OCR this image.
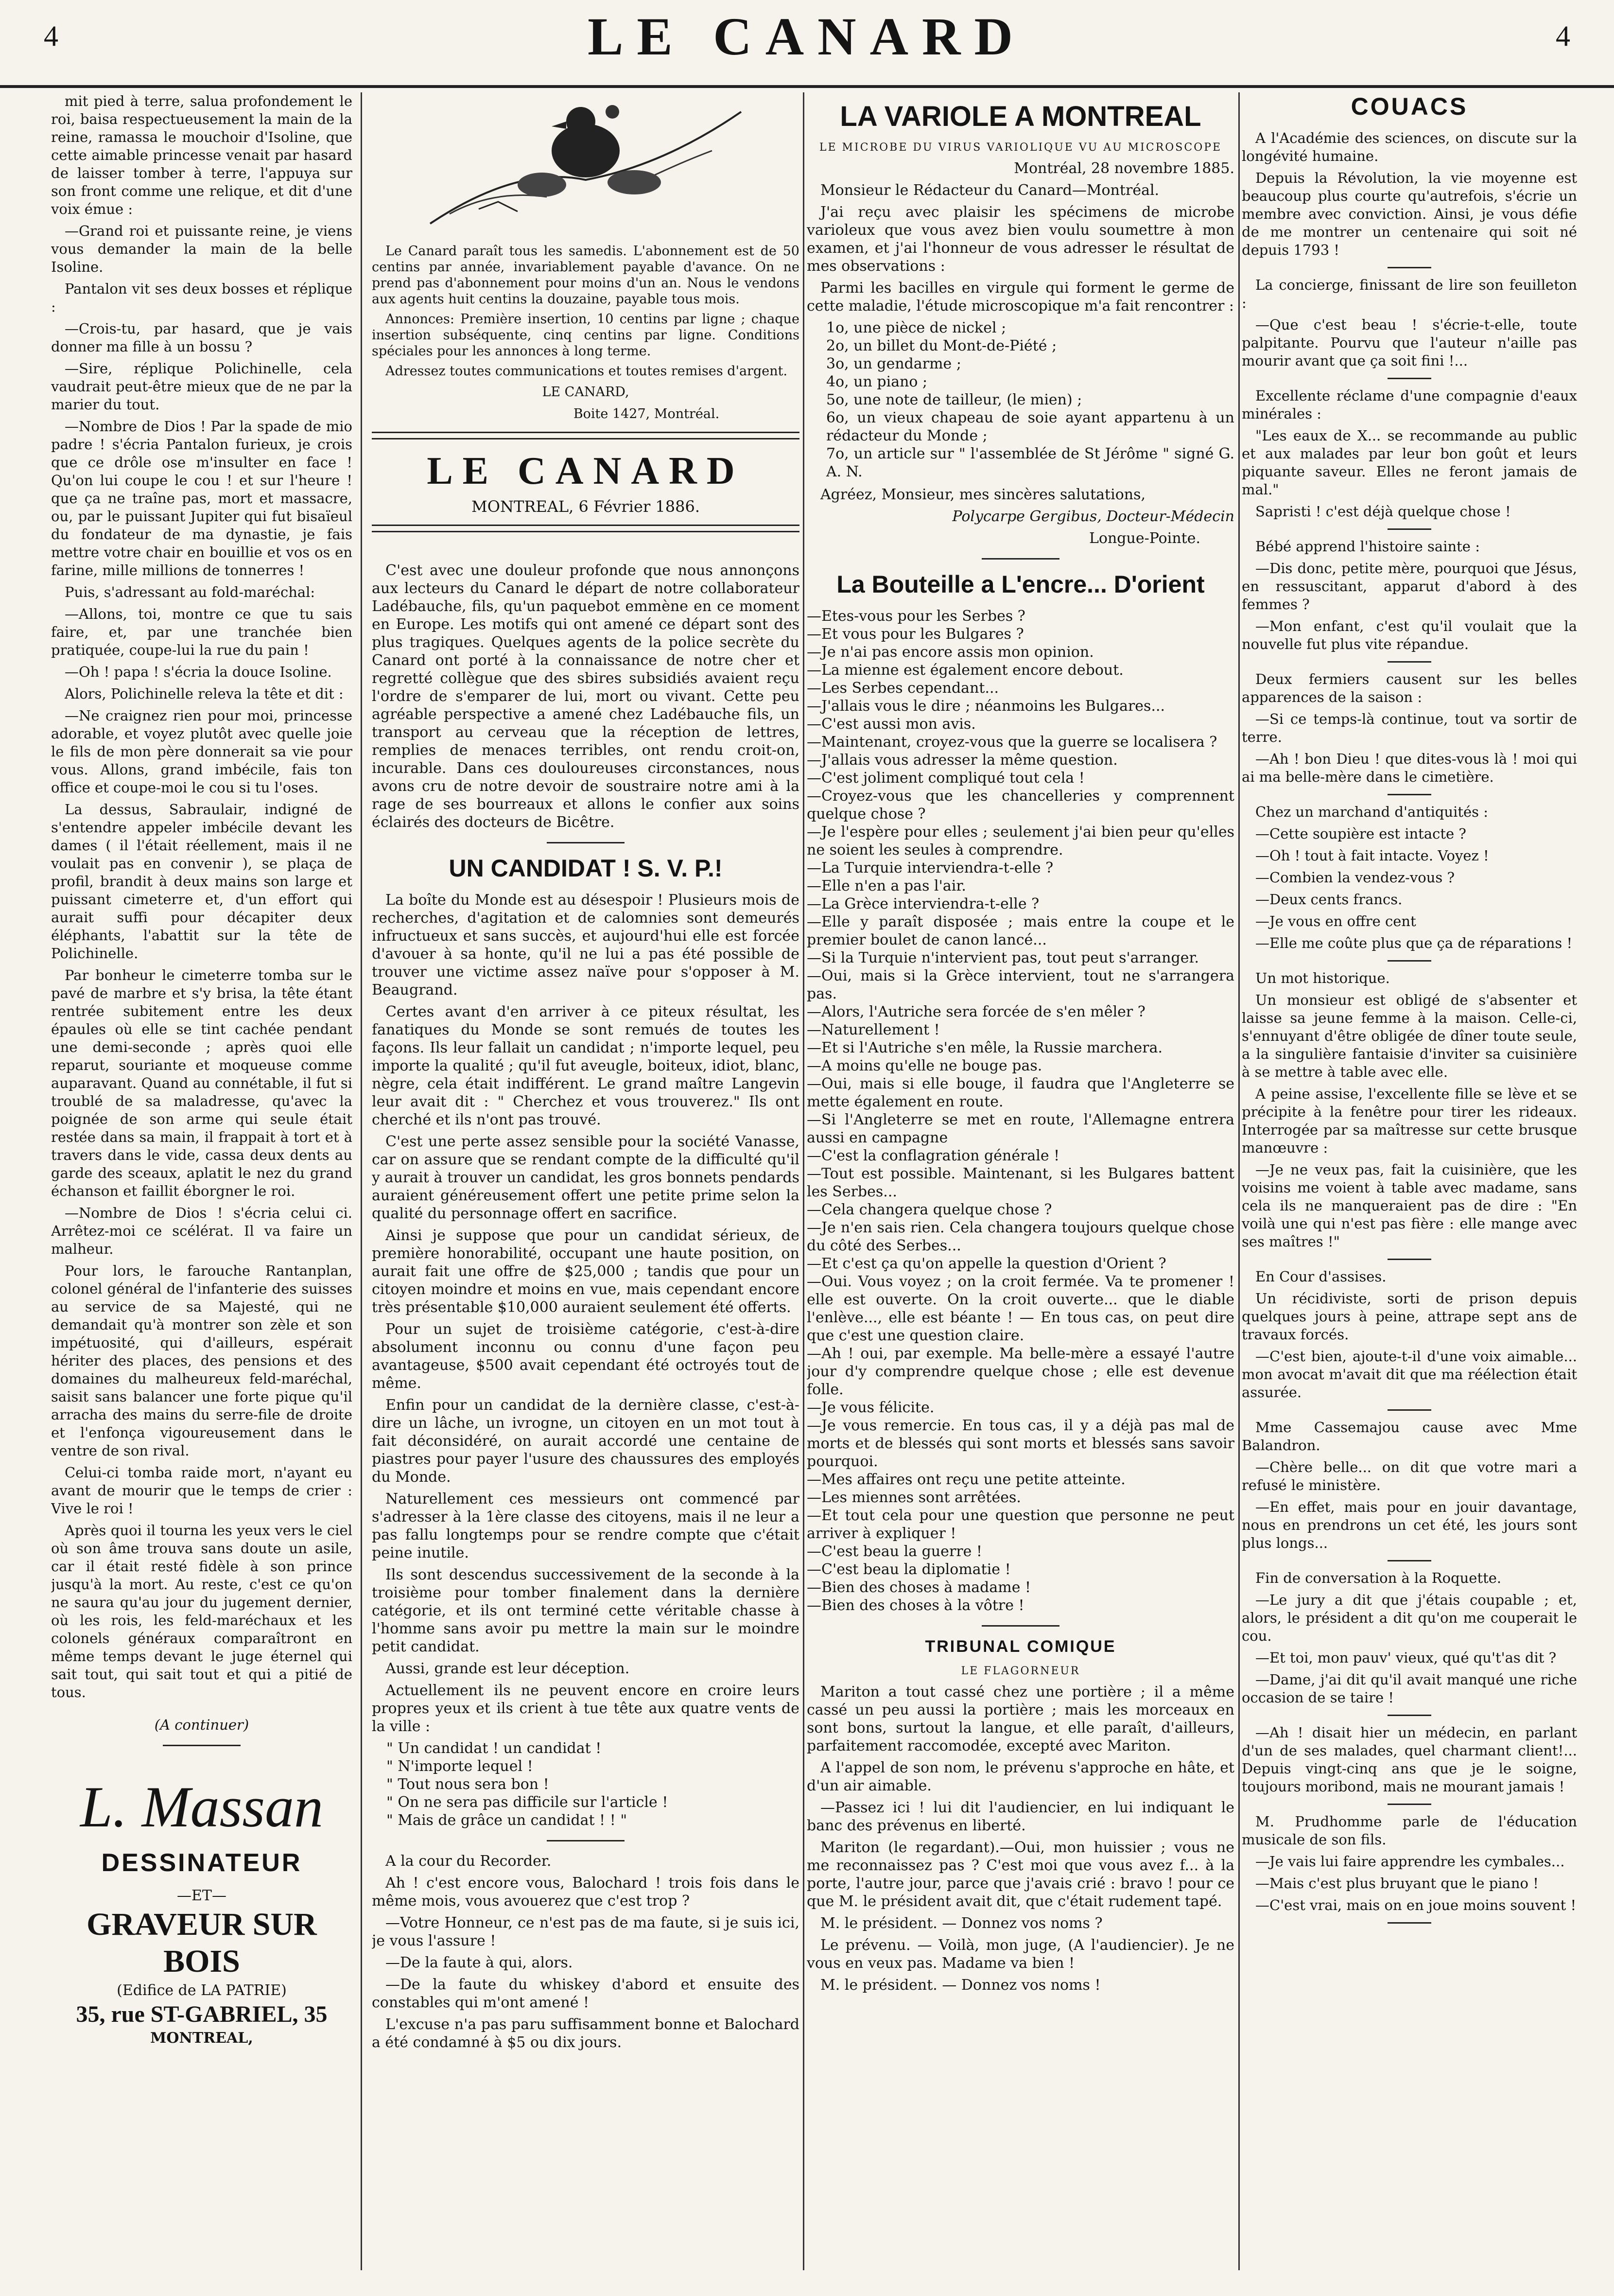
4	LE CANARD	4

mit pied à terre, salua profondement le roi, baisa respectueusement la main de la reine, ramassa le mouchoir d'Isoline, que cette aimable princesse venait par hasard de laisser tomber à terre, l'appuya sur son front comme une relique, et dit d'une voix émue :

—Grand roi et puissante reine, je viens vous demander la main de la belle Isoline.

Pantalon vit ses deux bosses et réplique :

—Crois-tu, par hasard, que je vais donner ma fille à un bossu ?

—Sire, réplique Polichinelle, cela vaudrait peut-être mieux que de ne par la marier du tout.

—Nombre de Dios ! Par la spade de mio padre ! s'écria Pantalon furieux, je crois que ce drôle ose m'insulter en face ! Qu'on lui coupe le cou ! et sur l'heure ! que ça ne traîne pas, mort et massacre, ou, par le puissant Jupiter qui fut bisaïeul du fondateur de ma dynastie, je fais mettre votre chair en bouillie et vos os en farine, mille millions de tonnerres !

Puis, s'adressant au fold-maréchal:

—Allons, toi, montre ce que tu sais faire, et, par une tranchée bien pratiquée, coupe-lui la rue du pain !

—Oh ! papa ! s'écria la douce Isoline.

Alors, Polichinelle releva la tête et dit :

—Ne craignez rien pour moi, princesse adorable, et voyez plutôt avec quelle joie le fils de mon père donnerait sa vie pour vous. Allons, grand imbécile, fais ton office et coupe-moi le cou si tu l'oses.

La dessus, Sabraulair, indigné de s'entendre appeler imbécile devant les dames ( il l'était réellement, mais il ne voulait pas en convenir ), se plaça de profil, brandit à deux mains son large et puissant cimeterre et, d'un effort qui aurait suffi pour décapiter deux éléphants, l'abattit sur la tête de Polichinelle.

Par bonheur le cimeterre tomba sur le pavé de marbre et s'y brisa, la tête étant rentrée subitement entre les deux épaules où elle se tint cachée pendant une demi-seconde ; après quoi elle reparut, souriante et moqueuse comme auparavant. Quand au connétable, il fut si troublé de sa maladresse, qu'avec la poignée de son arme qui seule était restée dans sa main, il frappait à tort et à travers dans le vide, cassa deux dents au garde des sceaux, aplatit le nez du grand échanson et faillit éborgner le roi.

—Nombre de Dios ! s'écria celui ci. Arrêtez-moi ce scélérat. Il va faire un malheur.

Pour lors, le farouche Rantanplan, colonel général de l'infanterie des suisses au service de sa Majesté, qui ne demandait qu'à montrer son zèle et son impétuosité, qui d'ailleurs, espérait hériter des places, des pensions et des domaines du malheureux feld-maréchal, saisit sans balancer une forte pique qu'il arracha des mains du serre-file de droite et l'enfonça vigoureusement dans le ventre de son rival.

Celui-ci tomba raide mort, n'ayant eu avant de mourir que le temps de crier : Vive le roi !

Après quoi il tourna les yeux vers le ciel où son âme trouva sans doute un asile, car il était resté fidèle à son prince jusqu'à la mort. Au reste, c'est ce qu'on ne saura qu'au jour du jugement dernier, où les rois, les feld-maréchaux et les colonels généraux comparaîtront en même temps devant le juge éternel qui sait tout, qui sait tout et qui a pitié de tous.

(A continuer)

L. Massan
DESSINATEUR
—ET—
GRAVEUR SUR BOIS
(Edifice de LA PATRIE)
35, rue ST-GABRIEL, 35
MONTREAL,

Le Canard paraît tous les samedis. L'abonnement est de 50 centins par année, invariablement payable d'avance. On ne prend pas d'abonnement pour moins d'un an. Nous le vendons aux agents huit centins la douzaine, payable tous mois.

Annonces: Première insertion, 10 centins par ligne ; chaque insertion subséquente, cinq centins par ligne. Conditions spéciales pour les annonces à long terme.

Adressez toutes communications et toutes remises d'argent.

LE CANARD,

Boite 1427, Montréal.

LE CANARD
MONTREAL, 6 Février 1886.

C'est avec une douleur profonde que nous annonçons aux lecteurs du Canard le départ de notre collaborateur Ladébauche, fils, qu'un paquebot emmène en ce moment en Europe. Les motifs qui ont amené ce départ sont des plus tragiques. Quelques agents de la police secrète du Canard ont porté à la connaissance de notre cher et regretté collègue que des sbires subsidiés avaient reçu l'ordre de s'emparer de lui, mort ou vivant. Cette peu agréable perspective a amené chez Ladébauche fils, un transport au cerveau que la réception de lettres, remplies de menaces terribles, ont rendu croit-on, incurable. Dans ces douloureuses circonstances, nous avons cru de notre devoir de soustraire notre ami à la rage de ses bourreaux et allons le confier aux soins éclairés des docteurs de Bicêtre.

UN CANDIDAT ! S. V. P.!

La boîte du Monde est au désespoir ! Plusieurs mois de recherches, d'agitation et de calomnies sont demeurés infructueux et sans succès, et aujourd'hui elle est forcée d'avouer à sa honte, qu'il ne lui a pas été possible de trouver une victime assez naïve pour s'opposer à M. Beaugrand.

Certes avant d'en arriver à ce piteux résultat, les fanatiques du Monde se sont remués de toutes les façons. Ils leur fallait un candidat ; n'importe lequel, peu importe la qualité ; qu'il fut aveugle, boiteux, idiot, blanc, nègre, cela était indifférent. Le grand maître Langevin leur avait dit : " Cherchez et vous trouverez." Ils ont cherché et ils n'ont pas trouvé.

C'est une perte assez sensible pour la société Vanasse, car on assure que se rendant compte de la difficulté qu'il y aurait à trouver un candidat, les gros bonnets pendards auraient généreusement offert une petite prime selon la qualité du personnage offert en sacrifice.

Ainsi je suppose que pour un candidat sérieux, de première honorabilité, occupant une haute position, on aurait fait une offre de $25,000 ; tandis que pour un citoyen moindre et moins en vue, mais cependant encore très présentable $10,000 auraient seulement été offerts.

Pour un sujet de troisième catégorie, c'est-à-dire absolument inconnu ou connu d'une façon peu avantageuse, $500 avait cependant été octroyés tout de même.

Enfin pour un candidat de la dernière classe, c'est-à-dire un lâche, un ivrogne, un citoyen en un mot tout à fait déconsidéré, on aurait accordé une centaine de piastres pour payer l'usure des chaussures des employés du Monde.

Naturellement ces messieurs ont commencé par s'adresser à la 1ère classe des citoyens, mais il ne leur a pas fallu longtemps pour se rendre compte que c'était peine inutile.

Ils sont descendus successivement de la seconde à la troisième pour tomber finalement dans la dernière catégorie, et ils ont terminé cette véritable chasse à l'homme sans avoir pu mettre la main sur le moindre petit candidat.

Aussi, grande est leur déception.

Actuellement ils ne peuvent encore en croire leurs propres yeux et ils crient à tue tête aux quatre vents de la ville :

" Un candidat ! un candidat !

" N'importe lequel !

" Tout nous sera bon !

" On ne sera pas difficile sur l'article !

" Mais de grâce un candidat ! ! "

A la cour du Recorder.

Ah ! c'est encore vous, Balochard ! trois fois dans le même mois, vous avouerez que c'est trop ?

—Votre Honneur, ce n'est pas de ma faute, si je suis ici, je vous l'assure !

—De la faute à qui, alors.

—De la faute du whiskey d'abord et ensuite des constables qui m'ont amené !

L'excuse n'a pas paru suffisamment bonne et Balochard a été condamné à $5 ou dix jours.

LA VARIOLE A MONTREAL
LE MICROBE DU VIRUS VARIOLIQUE VU AU MICROSCOPE

Montréal, 28 novembre 1885.

Monsieur le Rédacteur du Canard—Montréal.

J'ai reçu avec plaisir les spécimens de microbe varioleux que vous avez bien voulu soumettre à mon examen, et j'ai l'honneur de vous adresser le résultat de mes observations :

Parmi les bacilles en virgule qui forment le germe de cette maladie, l'étude microscopique m'a fait rencontrer :

1o, une pièce de nickel ;

2o, un billet du Mont-de-Piété ;

3o, un gendarme ;

4o, un piano ;

5o, une note de tailleur, (le mien) ;

6o, un vieux chapeau de soie ayant appartenu à un rédacteur du Monde ;

7o, un article sur " l'assemblée de St Jérôme " signé G. A. N.

Agréez, Monsieur, mes sincères salutations,

Polycarpe Gergibus, Docteur-Médecin

Longue-Pointe.

La Bouteille a L'encre... D'orient

—Etes-vous pour les Serbes ?

—Et vous pour les Bulgares ?

—Je n'ai pas encore assis mon opinion.

—La mienne est également encore debout.

—Les Serbes cependant...

—J'allais vous le dire ; néanmoins les Bulgares...

—C'est aussi mon avis.

—Maintenant, croyez-vous que la guerre se localisera ?

—J'allais vous adresser la même question.

—C'est joliment compliqué tout cela !

—Croyez-vous que les chancelleries y comprennent quelque chose ?

—Je l'espère pour elles ; seulement j'ai bien peur qu'elles ne soient les seules à comprendre.

—La Turquie interviendra-t-elle ?

—Elle n'en a pas l'air.

—La Grèce interviendra-t-elle ?

—Elle y paraît disposée ; mais entre la coupe et le premier boulet de canon lancé...

—Si la Turquie n'intervient pas, tout peut s'arranger.

—Oui, mais si la Grèce intervient, tout ne s'arrangera pas.

—Alors, l'Autriche sera forcée de s'en mêler ?

—Naturellement !

—Et si l'Autriche s'en mêle, la Russie marchera.

—A moins qu'elle ne bouge pas.

—Oui, mais si elle bouge, il faudra que l'Angleterre se mette également en route.

—Si l'Angleterre se met en route, l'Allemagne entrera aussi en campagne

—C'est la conflagration générale !

—Tout est possible. Maintenant, si les Bulgares battent les Serbes...

—Cela changera quelque chose ?

—Je n'en sais rien. Cela changera toujours quelque chose du côté des Serbes...

—Et c'est ça qu'on appelle la question d'Orient ?

—Oui. Vous voyez ; on la croit fermée. Va te promener ! elle est ouverte. On la croit ouverte... que le diable l'enlève..., elle est béante ! — En tous cas, on peut dire que c'est une question claire.

—Ah ! oui, par exemple. Ma belle-mère a essayé l'autre jour d'y comprendre quelque chose ; elle est devenue folle.

—Je vous félicite.

—Je vous remercie. En tous cas, il y a déjà pas mal de morts et de blessés qui sont morts et blessés sans savoir pourquoi.

—Mes affaires ont reçu une petite atteinte.

—Les miennes sont arrêtées.

—Et tout cela pour une question que personne ne peut arriver à expliquer !

—C'est beau la guerre !

—C'est beau la diplomatie !

—Bien des choses à madame !

—Bien des choses à la vôtre !

TRIBUNAL COMIQUE
LE FLAGORNEUR

Mariton a tout cassé chez une portière ; il a même cassé un peu aussi la portière ; mais les morceaux en sont bons, surtout la langue, et elle paraît, d'ailleurs, parfaitement raccomodée, excepté avec Mariton.

A l'appel de son nom, le prévenu s'approche en hâte, et d'un air aimable.

—Passez ici ! lui dit l'audiencier, en lui indiquant le banc des prévenus en liberté.

Mariton (le regardant).—Oui, mon huissier ; vous ne me reconnaissez pas ? C'est moi que vous avez f... à la porte, l'autre jour, parce que j'avais crié : bravo ! pour ce que M. le président avait dit, que c'était rudement tapé.

M. le président. — Donnez vos noms ?

Le prévenu. — Voilà, mon juge, (A l'audiencier). Je ne vous en veux pas. Madame va bien !

M. le président. — Donnez vos noms !

COUACS

A l'Académie des sciences, on discute sur la longévité humaine.

Depuis la Révolution, la vie moyenne est beaucoup plus courte qu'autrefois, s'écrie un membre avec conviction. Ainsi, je vous défie de me montrer un centenaire qui soit né depuis 1793 !

La concierge, finissant de lire son feuilleton :

—Que c'est beau ! s'écrie-t-elle, toute palpitante. Pourvu que l'auteur n'aille pas mourir avant que ça soit fini !...

Excellente réclame d'une compagnie d'eaux minérales :

"Les eaux de X... se recommande au public et aux malades par leur bon goût et leurs piquante saveur. Elles ne feront jamais de mal."

Sapristi ! c'est déjà quelque chose !

Bébé apprend l'histoire sainte :

—Dis donc, petite mère, pourquoi que Jésus, en ressuscitant, apparut d'abord à des femmes ?

—Mon enfant, c'est qu'il voulait que la nouvelle fut plus vite répandue.

Deux fermiers causent sur les belles apparences de la saison :

—Si ce temps-là continue, tout va sortir de terre.

—Ah ! bon Dieu ! que dites-vous là ! moi qui ai ma belle-mère dans le cimetière.

Chez un marchand d'antiquités :

—Cette soupière est intacte ?

—Oh ! tout à fait intacte. Voyez !

—Combien la vendez-vous ?

—Deux cents francs.

—Je vous en offre cent

—Elle me coûte plus que ça de réparations !

Un mot historique.

Un monsieur est obligé de s'absenter et laisse sa jeune femme à la maison. Celle-ci, s'ennuyant d'être obligée de dîner toute seule, a la singulière fantaisie d'inviter sa cuisinière à se mettre à table avec elle.

A peine assise, l'excellente fille se lève et se précipite à la fenêtre pour tirer les rideaux. Interrogée par sa maîtresse sur cette brusque manœuvre :

—Je ne veux pas, fait la cuisinière, que les voisins me voient à table avec madame, sans cela ils ne manqueraient pas de dire : "En voilà une qui n'est pas fière : elle mange avec ses maîtres !"

En Cour d'assises.

Un récidiviste, sorti de prison depuis quelques jours à peine, attrape sept ans de travaux forcés.

—C'est bien, ajoute-t-il d'une voix aimable... mon avocat m'avait dit que ma réélection était assurée.

Mme Cassemajou cause avec Mme Balandron.

—Chère belle... on dit que votre mari a refusé le ministère.

—En effet, mais pour en jouir davantage, nous en prendrons un cet été, les jours sont plus longs...

Fin de conversation à la Roquette.

—Le jury a dit que j'étais coupable ; et, alors, le président a dit qu'on me couperait le cou.

—Et toi, mon pauv' vieux, qué qu't'as dit ?

—Dame, j'ai dit qu'il avait manqué une riche occasion de se taire !

—Ah ! disait hier un médecin, en parlant d'un de ses malades, quel charmant client!... Depuis vingt-cinq ans que je le soigne, toujours moribond, mais ne mourant jamais !

M. Prudhomme parle de l'éducation musicale de son fils.

—Je vais lui faire apprendre les cymbales...

—Mais c'est plus bruyant que le piano !

—C'est vrai, mais on en joue moins souvent !
